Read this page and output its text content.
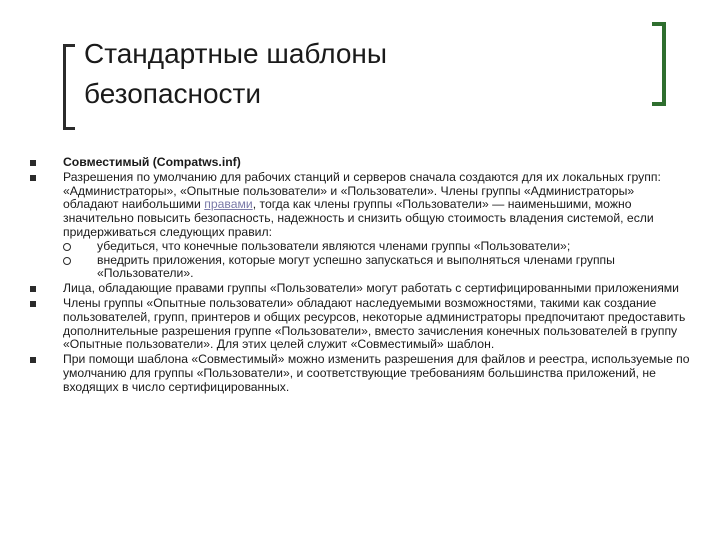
Стандартные шаблоны
безопасности
Совместимый (Compatws.inf)
Разрешения по умолчанию для рабочих станций и серверов сначала создаются для их локальных групп: «Администраторы», «Опытные пользователи» и «Пользователи». Члены группы «Администраторы» обладают наибольшими правами, тогда как члены группы «Пользователи» — наименьшими, можно значительно повысить безопасность, надежность и снизить общую стоимость владения системой, если придерживаться следующих правил:
убедиться, что конечные пользователи являются членами группы «Пользователи»;
внедрить приложения, которые могут успешно запускаться и выполняться членами группы «Пользователи».
Лица, обладающие правами группы «Пользователи» могут работать с сертифицированными приложениями
Члены группы «Опытные пользователи» обладают наследуемыми возможностями, такими как создание пользователей, групп, принтеров и общих ресурсов, некоторые администраторы предпочитают предоставить дополнительные разрешения группе «Пользователи», вместо зачисления конечных пользователей в группу «Опытные пользователи». Для этих целей служит «Совместимый» шаблон.
При помощи шаблона «Совместимый» можно изменить разрешения для файлов и реестра, используемые по умолчанию для группы «Пользователи», и соответствующие требованиям большинства приложений, не входящих в число сертифицированных.
